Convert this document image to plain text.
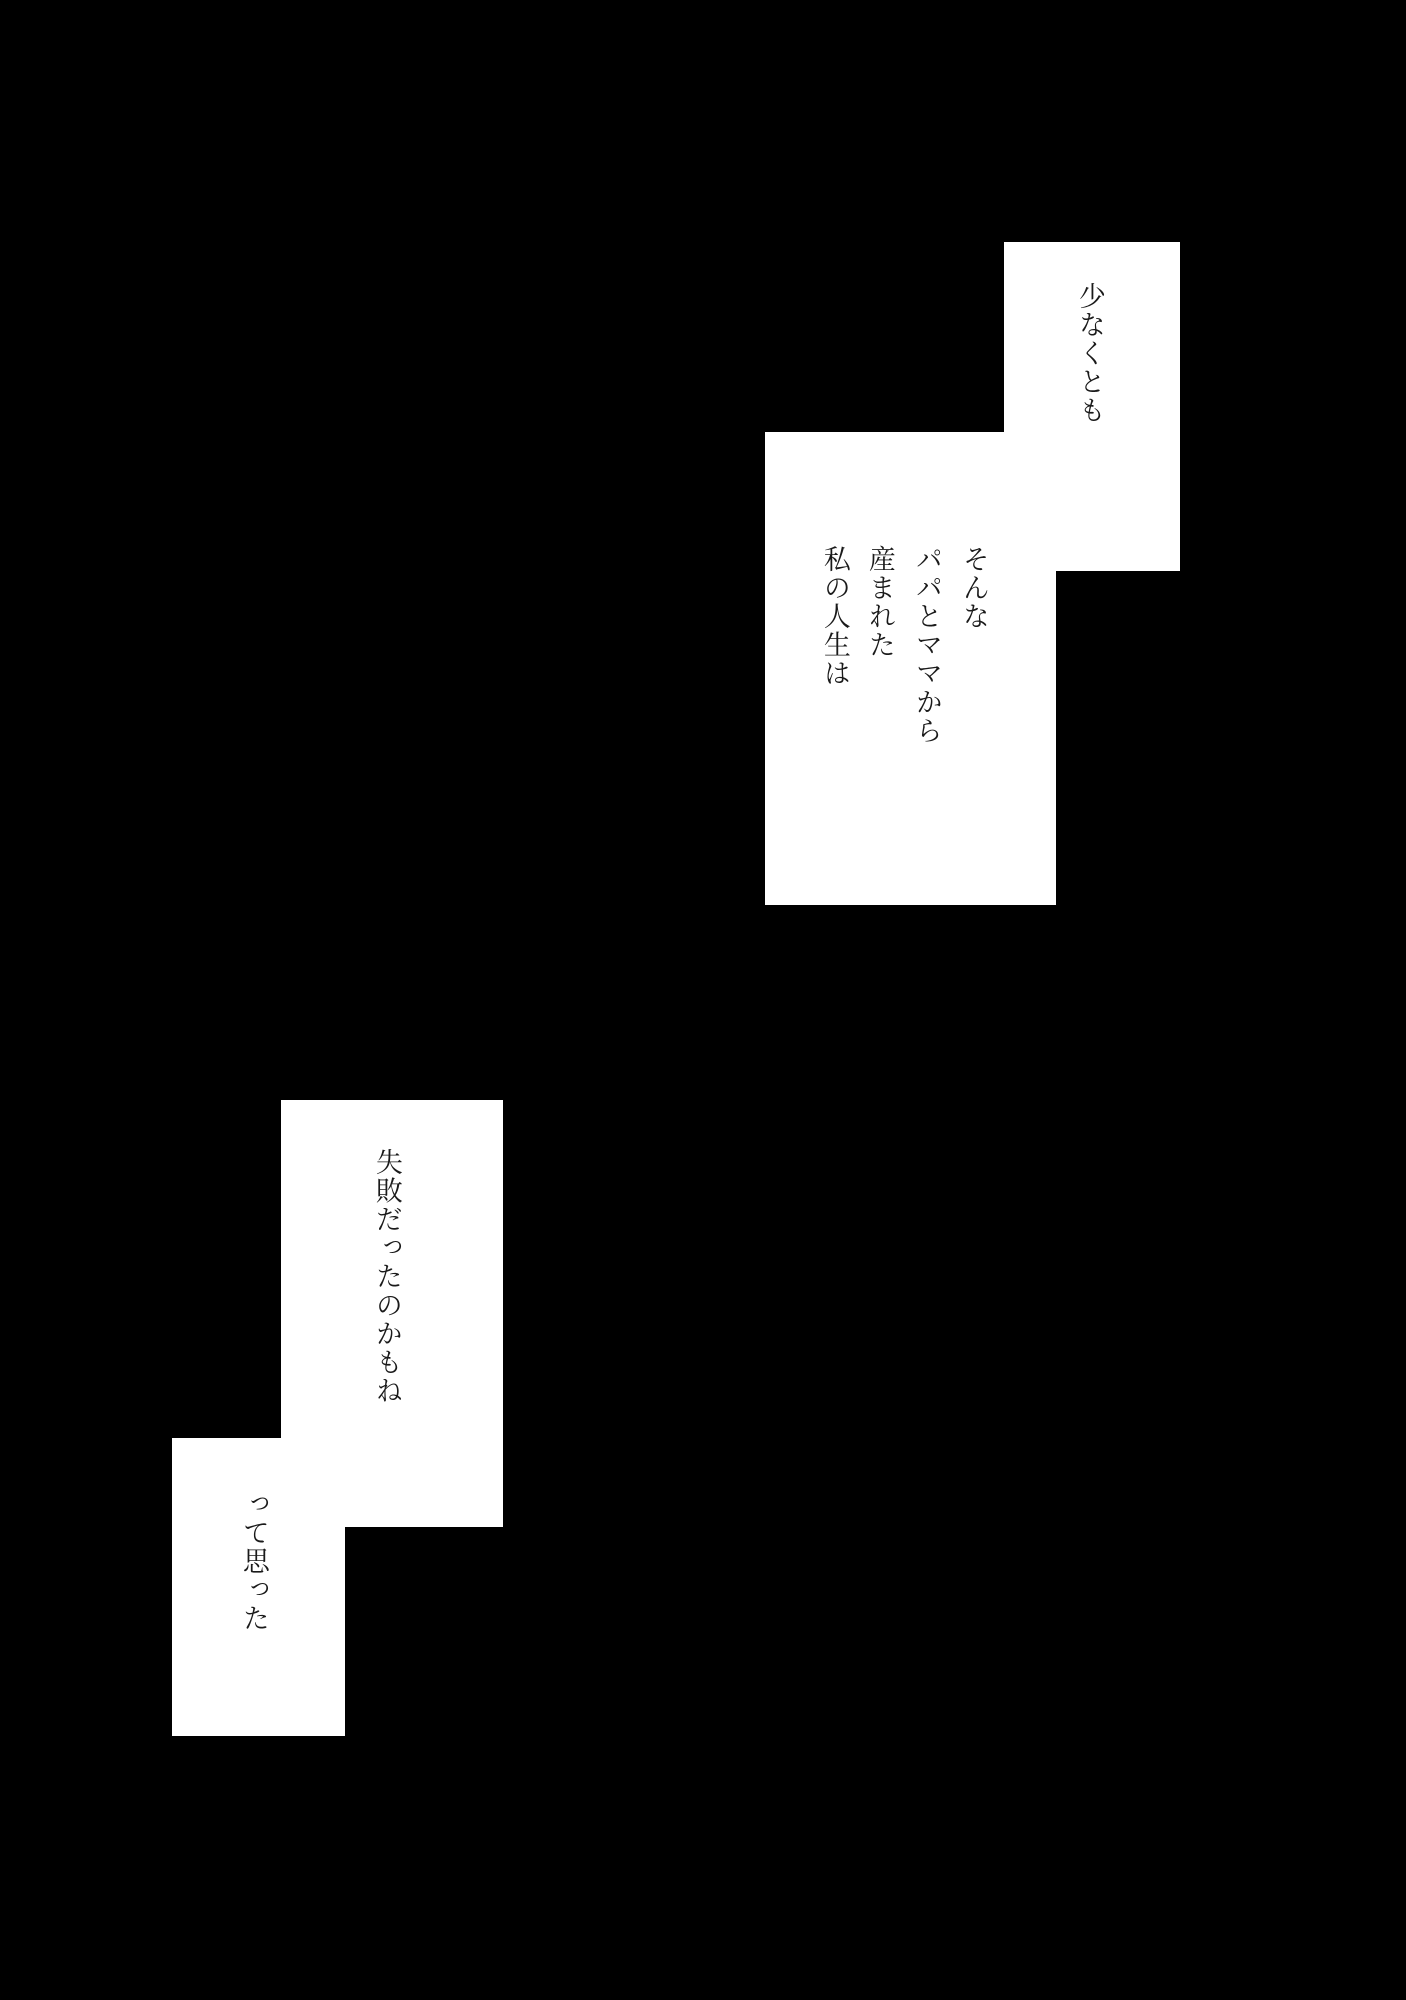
少なくとも
そんな
パパとママから
産まれた
私の人生は
失敗だったのかもね
って思った
